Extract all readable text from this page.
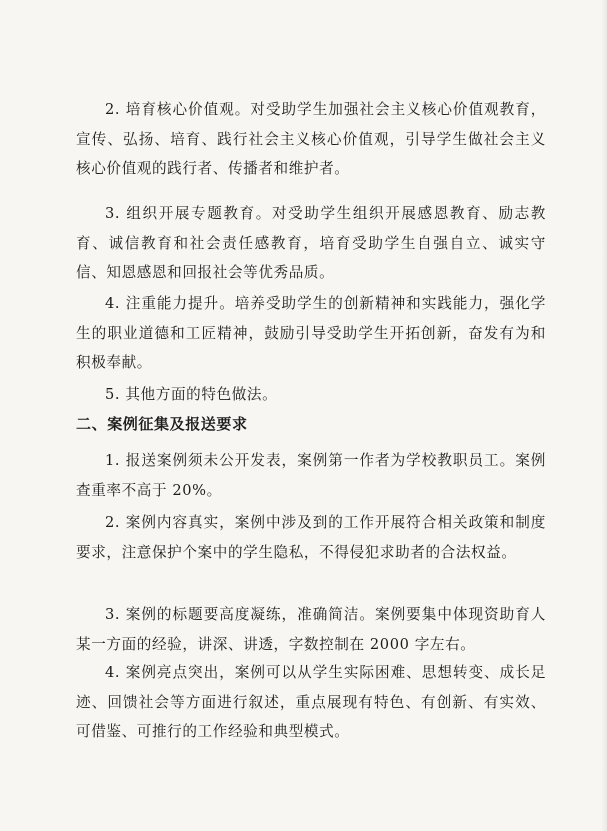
2. 培育核心价值观。对受助学生加强社会主义核心价值观教育，宣传、弘扬、培育、践行社会主义核心价值观，引导学生做社会主义核心价值观的践行者、传播者和维护者。

3. 组织开展专题教育。对受助学生组织开展感恩教育、励志教育、诚信教育和社会责任感教育，培育受助学生自强自立、诚实守信、知恩感恩和回报社会等优秀品质。

4. 注重能力提升。培养受助学生的创新精神和实践能力，强化学生的职业道德和工匠精神，鼓励引导受助学生开拓创新，奋发有为和积极奉献。

5. 其他方面的特色做法。

二、案例征集及报送要求

1. 报送案例须未公开发表，案例第一作者为学校教职员工。案例查重率不高于 20%。

2. 案例内容真实，案例中涉及到的工作开展符合相关政策和制度要求，注意保护个案中的学生隐私，不得侵犯求助者的合法权益。

3. 案例的标题要高度凝练，准确简洁。案例要集中体现资助育人某一方面的经验，讲深、讲透，字数控制在 2000 字左右。

4. 案例亮点突出，案例可以从学生实际困难、思想转变、成长足迹、回馈社会等方面进行叙述，重点展现有特色、有创新、有实效、可借鉴、可推行的工作经验和典型模式。
